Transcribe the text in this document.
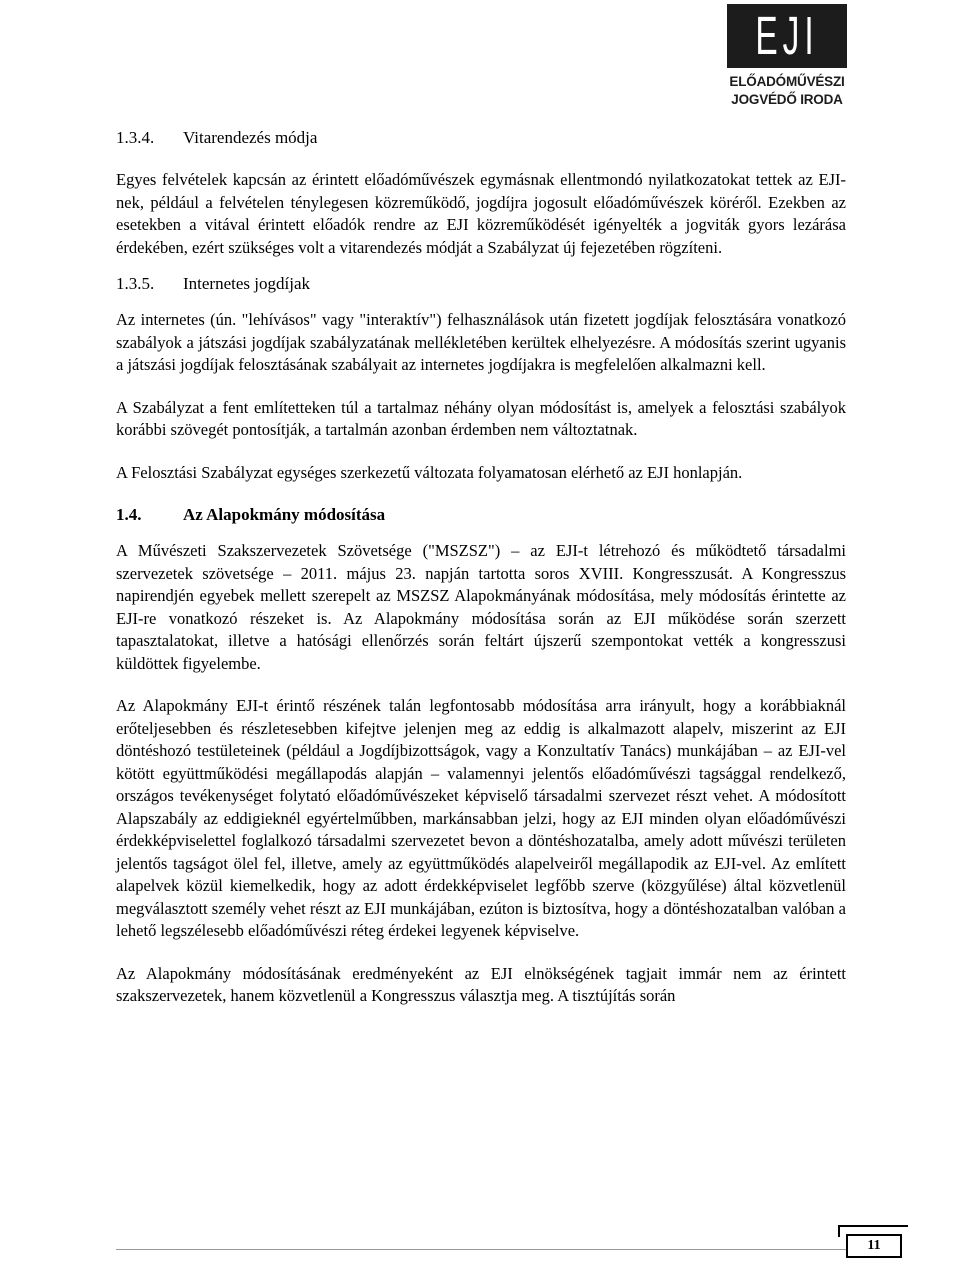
EJI
ELŐADÓMŰVÉSZI
JOGVÉDŐ IRODA
1.3.4. Vitarendezés módja

Egyes felvételek kapcsán az érintett előadóművészek egymásnak ellentmondó nyilatkozatokat tettek az EJI-nek, például a felvételen ténylegesen közreműködő, jogdíjra jogosult előadóművészek köréről. Ezekben az esetekben a vitával érintett előadók rendre az EJI közreműködését igényelték a jogviták gyors lezárása érdekében, ezért szükséges volt a vitarendezés módját a Szabályzat új fejezetében rögzíteni.

1.3.5. Internetes jogdíjak

Az internetes (ún. "lehívásos" vagy "interaktív") felhasználások után fizetett jogdíjak felosztására vonatkozó szabályok a játszási jogdíjak szabályzatának mellékletében kerültek elhelyezésre. A módosítás szerint ugyanis a játszási jogdíjak felosztásának szabályait az internetes jogdíjakra is megfelelően alkalmazni kell.

A Szabályzat a fent említetteken túl a tartalmaz néhány olyan módosítást is, amelyek a felosztási szabályok korábbi szövegét pontosítják, a tartalmán azonban érdemben nem változtatnak.

A Felosztási Szabályzat egységes szerkezetű változata folyamatosan elérhető az EJI honlapján.

1.4. Az Alapokmány módosítása

A Művészeti Szakszervezetek Szövetsége ("MSZSZ") – az EJI-t létrehozó és működtető társadalmi szervezetek szövetsége – 2011. május 23. napján tartotta soros XVIII. Kongresszusát. A Kongresszus napirendjén egyebek mellett szerepelt az MSZSZ Alapokmányának módosítása, mely módosítás érintette az EJI-re vonatkozó részeket is. Az Alapokmány módosítása során az EJI működése során szerzett tapasztalatokat, illetve a hatósági ellenőrzés során feltárt újszerű szempontokat vették a kongresszusi küldöttek figyelembe.

Az Alapokmány EJI-t érintő részének talán legfontosabb módosítása arra irányult, hogy a korábbiaknál erőteljesebben és részletesebben kifejtve jelenjen meg az eddig is alkalmazott alapelv, miszerint az EJI döntéshozó testületeinek (például a Jogdíjbizottságok, vagy a Konzultatív Tanács) munkájában – az EJI-vel kötött együttműködési megállapodás alapján – valamennyi jelentős előadóművészi tagsággal rendelkező, országos tevékenységet folytató előadóművészeket képviselő társadalmi szervezet részt vehet. A módosított Alapszabály az eddigieknél egyértelműbben, markánsabban jelzi, hogy az EJI minden olyan előadóművészi érdekképviselettel foglalkozó társadalmi szervezetet bevon a döntéshozatalba, amely adott művészi területen jelentős tagságot ölel fel, illetve, amely az együttműködés alapelveiről megállapodik az EJI-vel. Az említett alapelvek közül kiemelkedik, hogy az adott érdekképviselet legfőbb szerve (közgyűlése) által közvetlenül megválasztott személy vehet részt az EJI munkájában, ezúton is biztosítva, hogy a döntéshozatalban valóban a lehető legszélesebb előadóművészi réteg érdekei legyenek képviselve.

Az Alapokmány módosításának eredményeként az EJI elnökségének tagjait immár nem az érintett szakszervezetek, hanem közvetlenül a Kongresszus választja meg. A tisztújítás során

11
